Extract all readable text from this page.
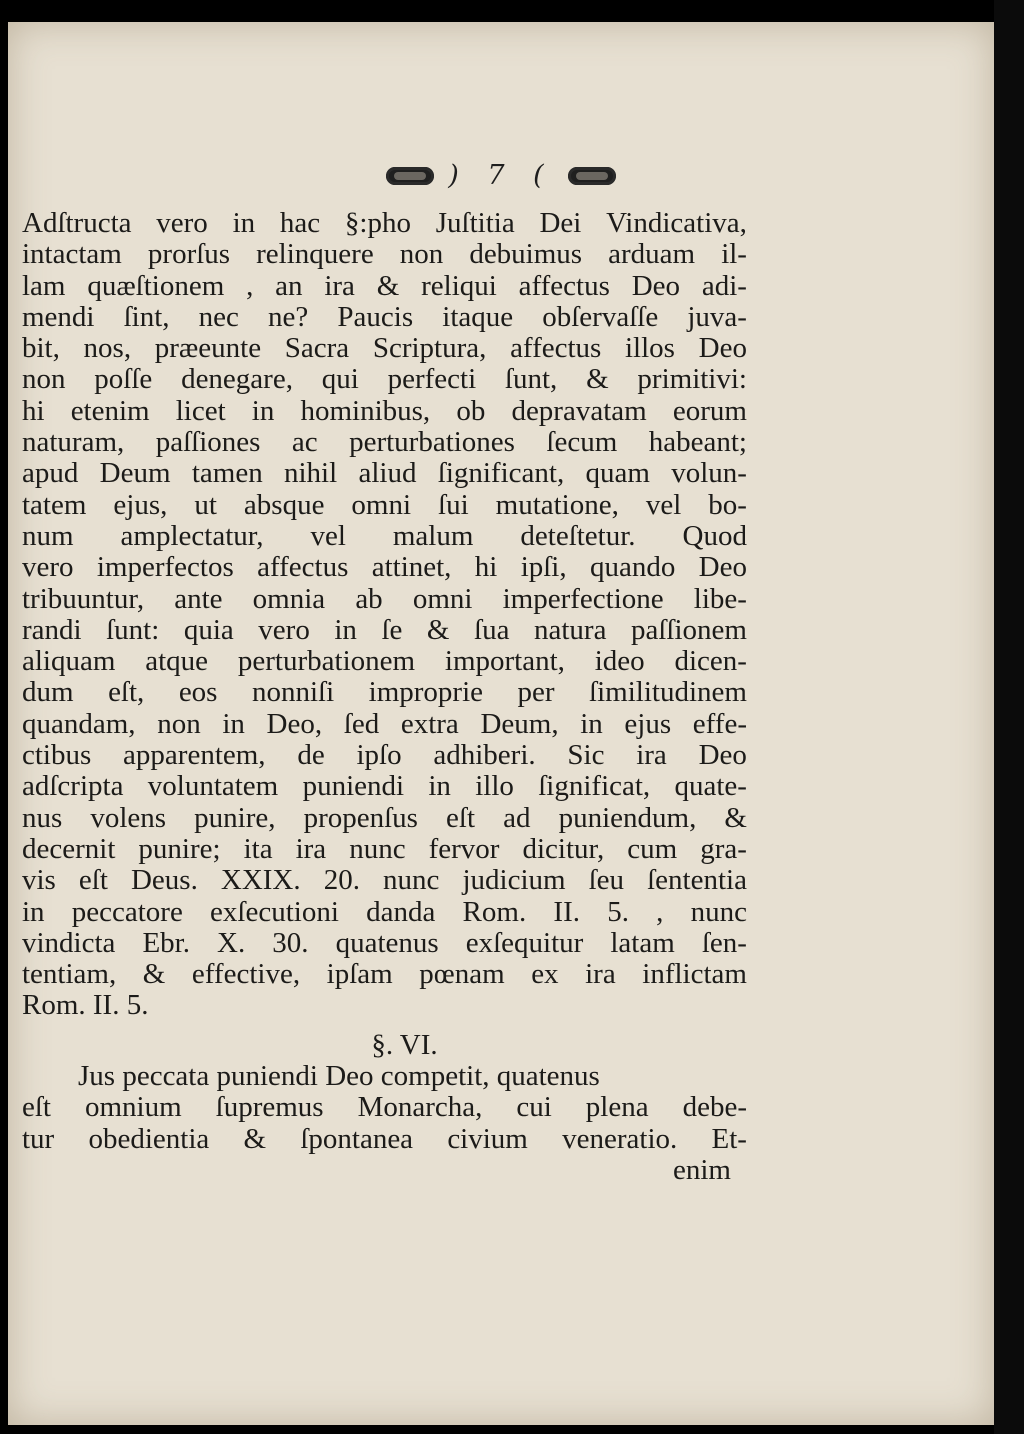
) 7 (
Adſtructa vero in hac §:pho Juſtitia Dei Vindicativa,
intactam prorſus relinquere non debuimus arduam il-
lam quæſtionem , an ira & reliqui affectus Deo adi-
mendi ſint, nec ne? Paucis itaque obſervaſſe juva-
bit, nos, præeunte Sacra Scriptura, affectus illos Deo
non poſſe denegare, qui perfecti ſunt, & primitivi:
hi etenim licet in hominibus, ob depravatam eorum
naturam, paſſiones ac perturbationes ſecum habeant;
apud Deum tamen nihil aliud ſignificant, quam volun-
tatem ejus, ut absque omni ſui mutatione, vel bo-
num amplectatur, vel malum deteſtetur. Quod
vero imperfectos affectus attinet, hi ipſi, quando Deo
tribuuntur, ante omnia ab omni imperfectione libe-
randi ſunt: quia vero in ſe & ſua natura paſſionem
aliquam atque perturbationem important, ideo dicen-
dum eſt, eos nonniſi improprie per ſimilitudinem
quandam, non in Deo, ſed extra Deum, in ejus effe-
ctibus apparentem, de ipſo adhiberi. Sic ira Deo
adſcripta voluntatem puniendi in illo ſignificat, quate-
nus volens punire, propenſus eſt ad puniendum, &
decernit punire; ita ira nunc fervor dicitur, cum gra-
vis eſt Deus. XXIX. 20. nunc judicium ſeu ſententia
in peccatore exſecutioni danda Rom. II. 5. , nunc
vindicta Ebr. X. 30. quatenus exſequitur latam ſen-
tentiam, & effective, ipſam pœnam ex ira inflictam
Rom. II. 5.
§. VI.
Jus peccata puniendi Deo competit, quatenus
eſt omnium ſupremus Monarcha, cui plena debe-
tur obedientia & ſpontanea civium veneratio. Et-
enim
